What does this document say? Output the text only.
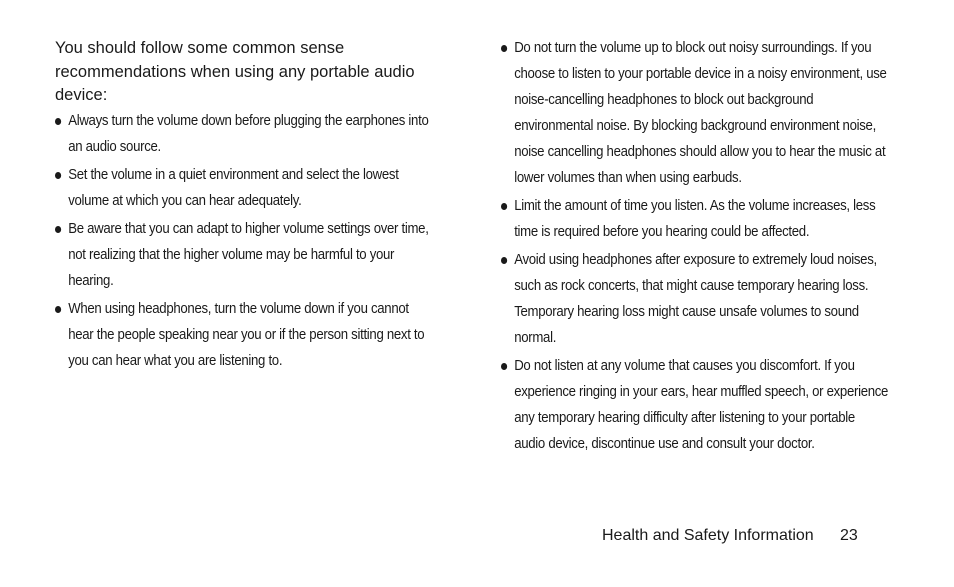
You should follow some common sense recommendations when using any portable audio device:

Always turn the volume down before plugging the earphones into an audio source.
Set the volume in a quiet environment and select the lowest volume at which you can hear adequately.
Be aware that you can adapt to higher volume settings over time, not realizing that the higher volume may be harmful to your hearing.
When using headphones, turn the volume down if you cannot hear the people speaking near you or if the person sitting next to you can hear what you are listening to.
Do not turn the volume up to block out noisy surroundings. If you choose to listen to your portable device in a noisy environment, use noise-cancelling headphones to block out background environmental noise. By blocking background environment noise, noise cancelling headphones should allow you to hear the music at lower volumes than when using earbuds.
Limit the amount of time you listen. As the volume increases, less time is required before you hearing could be affected.
Avoid using headphones after exposure to extremely loud noises, such as rock concerts, that might cause temporary hearing loss. Temporary hearing loss might cause unsafe volumes to sound normal.
Do not listen at any volume that causes you discomfort. If you experience ringing in your ears, hear muffled speech, or experience any temporary hearing difficulty after listening to your portable audio device, discontinue use and consult your doctor.
Health and Safety Information 23
